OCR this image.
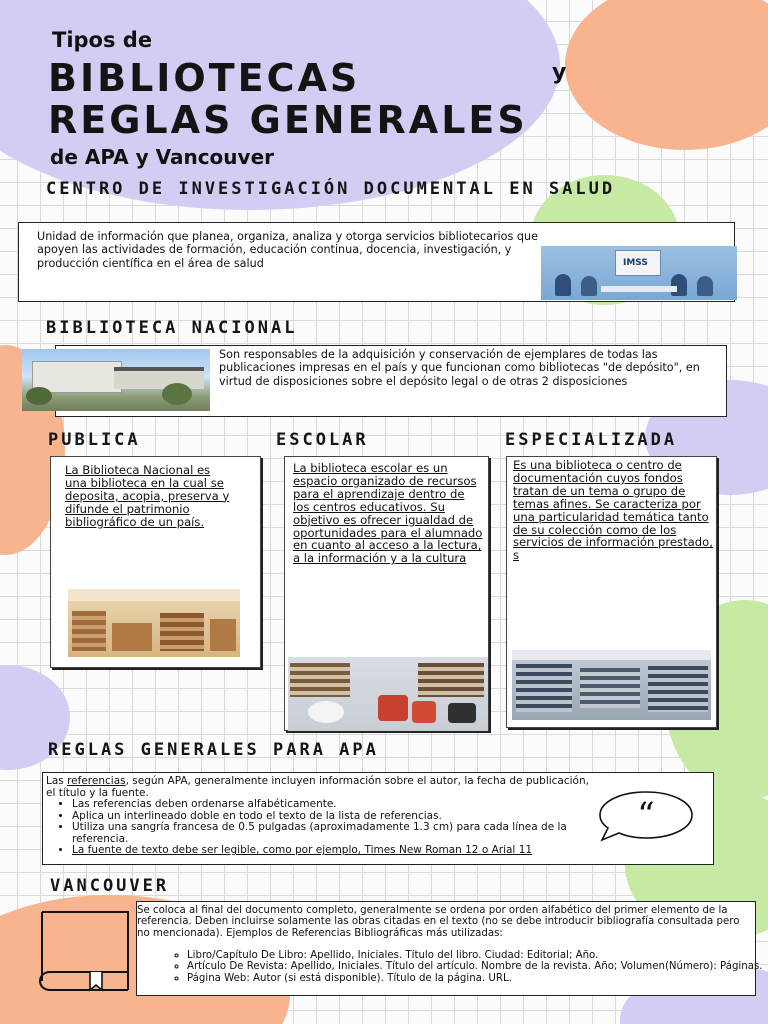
Tipos de
BIBLIOTECAS	y
REGLAS GENERALES
de APA y Vancouver
CENTRO DE INVESTIGACIÓN DOCUMENTAL EN SALUD
Unidad de información que planea, organiza, analiza y otorga servicios bibliotecarios que apoyen las actividades de formación, educación continua, docencia, investigación, y producción científica en el área de salud	IMSS
BIBLIOTECA NACIONAL
Son responsables de la adquisición y conservación de ejemplares de todas las publicaciones impresas en el país y que funcionan como bibliotecas "de depósito", en virtud de disposiciones sobre el depósito legal o de otras 2 disposiciones
PUBLICA	ESCOLAR	ESPECIALIZADA
La Biblioteca Nacional es una biblioteca en la cual se deposita, acopia, preserva y difunde el patrimonio bibliográfico de un país.
La biblioteca escolar es un espacio organizado de recursos para el aprendizaje dentro de los centros educativos. Su objetivo es ofrecer igualdad de oportunidades para el alumnado en cuanto al acceso a la lectura, a la información y a la cultura
Es una biblioteca o centro de documentación cuyos fondos tratan de un tema o grupo de temas afines. Se caracteriza por una particularidad temática tanto de su colección como de los servicios de información prestado, s
REGLAS GENERALES PARA APA
Las referencias, según APA, generalmente incluyen información sobre el autor, la fecha de publicación, el título y la fuente.
• Las referencias deben ordenarse alfabéticamente.
• Aplica un interlineado doble en todo el texto de la lista de referencias.
• Utiliza una sangría francesa de 0.5 pulgadas (aproximadamente 1.3 cm) para cada línea de la referencia.
• La fuente de texto debe ser legible, como por ejemplo, Times New Roman 12 o Arial 11
“
VANCOUVER
Se coloca al final del documento completo, generalmente se ordena por orden alfabético del primer elemento de la referencia. Deben incluirse solamente las obras citadas en el texto (no se debe introducir bibliografía consultada pero no mencionada). Ejemplos de Referencias Bibliográficas más utilizadas:
◦ Libro/Capítulo De Libro: Apellido, Iniciales. Título del libro. Ciudad: Editorial; Año.
◦ Artículo De Revista: Apellido, Iniciales. Título del artículo. Nombre de la revista. Año; Volumen(Número): Páginas.
◦ Página Web: Autor (si está disponible). Título de la página. URL.
